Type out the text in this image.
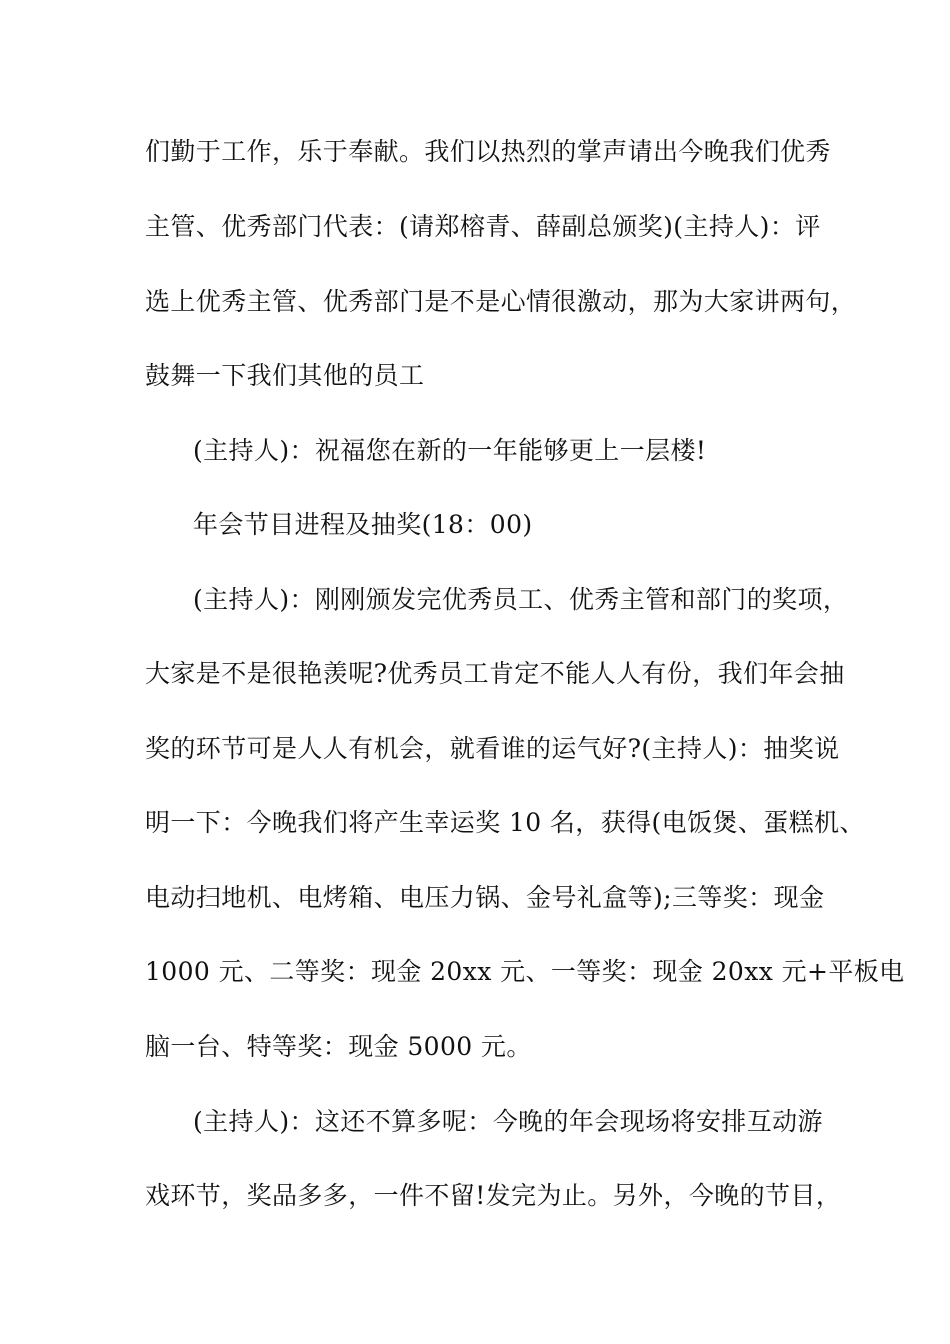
们勤于工作，乐于奉献。我们以热烈的掌声请出今晚我们优秀
主管、优秀部门代表：(请郑榕青、薛副总颁奖)(主持人)：评
选上优秀主管、优秀部门是不是心情很激动，那为大家讲两句，
鼓舞一下我们其他的员工
(主持人)：祝福您在新的一年能够更上一层楼!
年会节目进程及抽奖(18：00)
(主持人)：刚刚颁发完优秀员工、优秀主管和部门的奖项，
大家是不是很艳羡呢?优秀员工肯定不能人人有份，我们年会抽
奖的环节可是人人有机会，就看谁的运气好?(主持人)：抽奖说
明一下：今晚我们将产生幸运奖 10 名，获得(电饭煲、蛋糕机、
电动扫地机、电烤箱、电压力锅、金号礼盒等);三等奖：现金
1000 元、二等奖：现金 20xx 元、一等奖：现金 20xx 元+平板电
脑一台、特等奖：现金 5000 元。
(主持人)：这还不算多呢：今晚的年会现场将安排互动游
戏环节，奖品多多，一件不留!发完为止。另外，今晚的节目，
